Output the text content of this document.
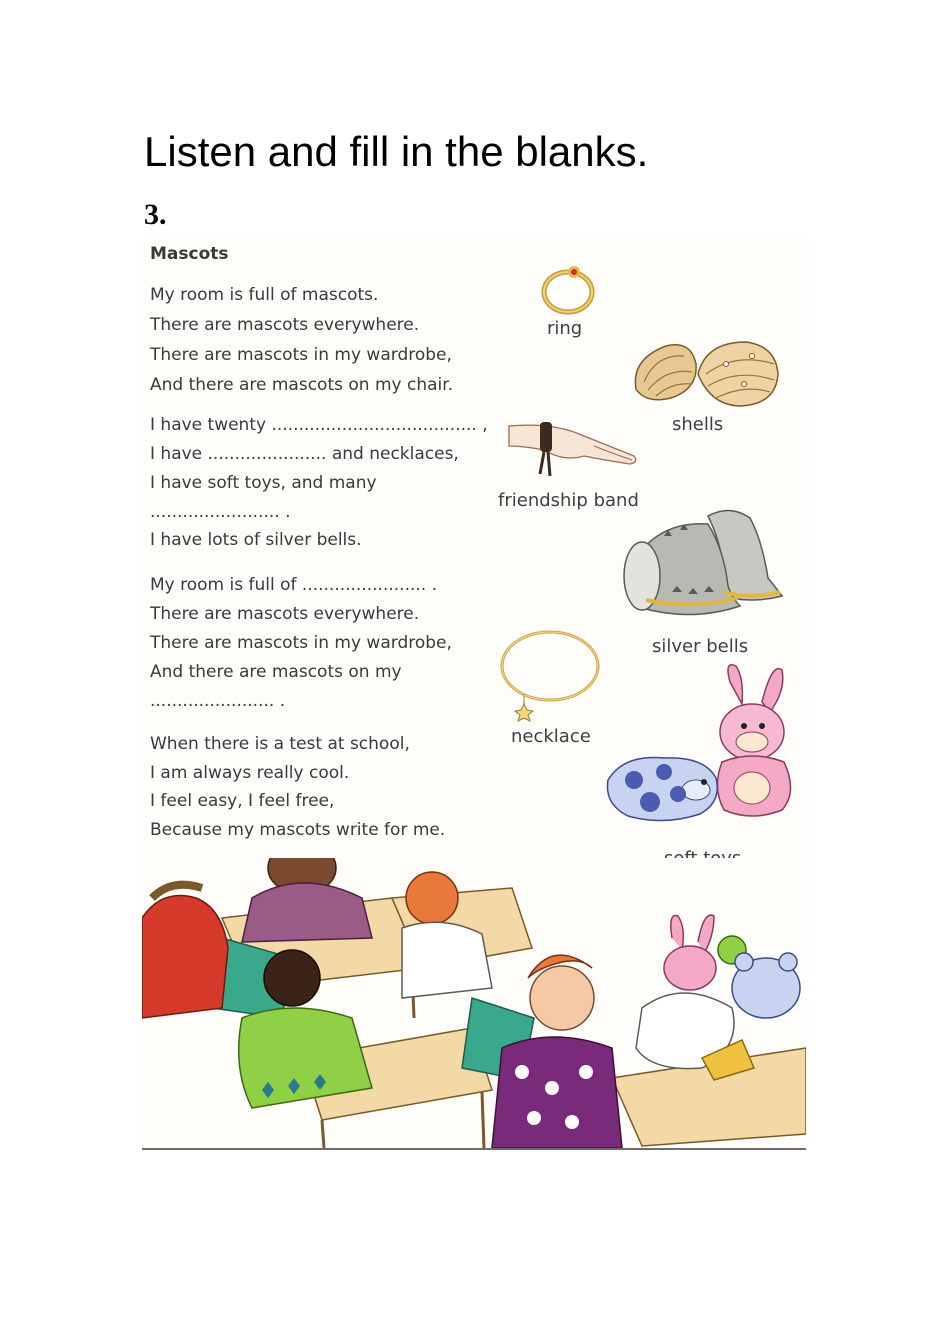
Listen and fill in the blanks.
3.
Mascots
My room is full of mascots.
There are mascots everywhere.
There are mascots in my wardrobe,
And there are mascots on my chair.
I have twenty ...................................... ,
I have ...................... and necklaces,
I have soft toys, and many
........................ .
I have lots of silver bells.
My room is full of ....................... .
There are mascots everywhere.
There are mascots in my wardrobe,
And there are mascots on my
....................... .
When there is a test at school,
I am always really cool.
I feel easy, I feel free,
Because my mascots write for me.
ring
shells
friendship band
silver bells
necklace
